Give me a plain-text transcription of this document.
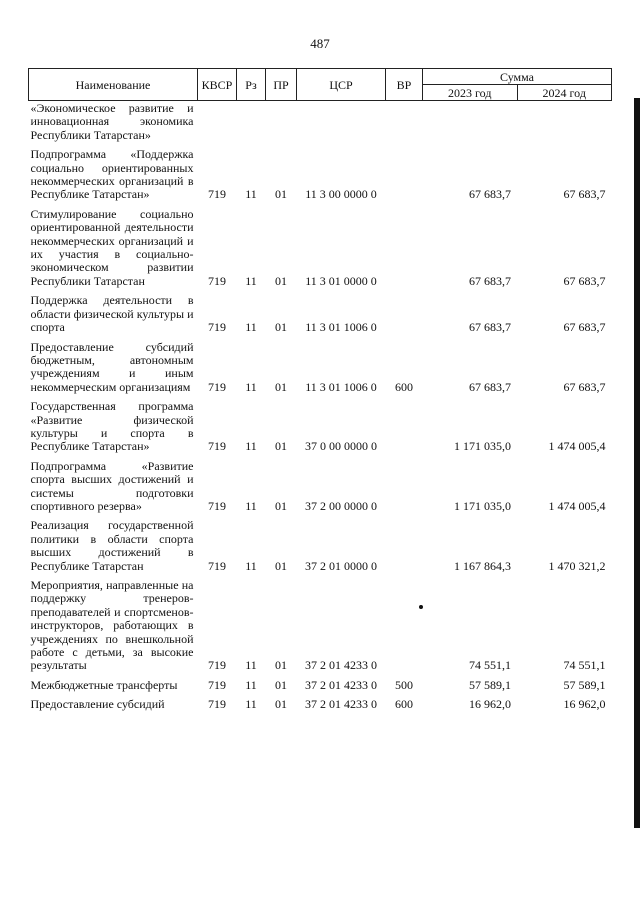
487
Наименование	КВСР	Рз	ПР	ЦСР	ВР	Сумма	
						2023 год	2024 год
«Экономическое развитие и инновационная экономика Республики Татарстан»							
Подпрограмма «Поддержка социально ориентированных некоммерческих организаций в Республике Татарстан»	719	11	01	11 3 00 0000 0		67 683,7	67 683,7
Стимулирование социально ориентированной деятельности некоммерческих организаций и их участия в социально-экономическом развитии Республики Татарстан	719	11	01	11 3 01 0000 0		67 683,7	67 683,7
Поддержка деятельности в области физической культуры и спорта	719	11	01	11 3 01 1006 0		67 683,7	67 683,7
Предоставление субсидий бюджетным, автономным учреждениям и иным некоммерческим организациям	719	11	01	11 3 01 1006 0	600	67 683,7	67 683,7
Государственная программа «Развитие физической культуры и спорта в Республике Татарстан»	719	11	01	37 0 00 0000 0		1 171 035,0	1 474 005,4
Подпрограмма «Развитие спорта высших достижений и системы подготовки спортивного резерва»	719	11	01	37 2 00 0000 0		1 171 035,0	1 474 005,4
Реализация государственной политики в области спорта высших достижений в Республике Татарстан	719	11	01	37 2 01 0000 0		1 167 864,3	1 470 321,2
Мероприятия, направленные на поддержку тренеров-преподавателей и спортсменов-инструкторов, работающих в учреждениях по внешкольной работе с детьми, за высокие результаты	719	11	01	37 2 01 4233 0		74 551,1	74 551,1
Межбюджетные трансферты	719	11	01	37 2 01 4233 0	500	57 589,1	57 589,1
Предоставление субсидий	719	11	01	37 2 01 4233 0	600	16 962,0	16 962,0
